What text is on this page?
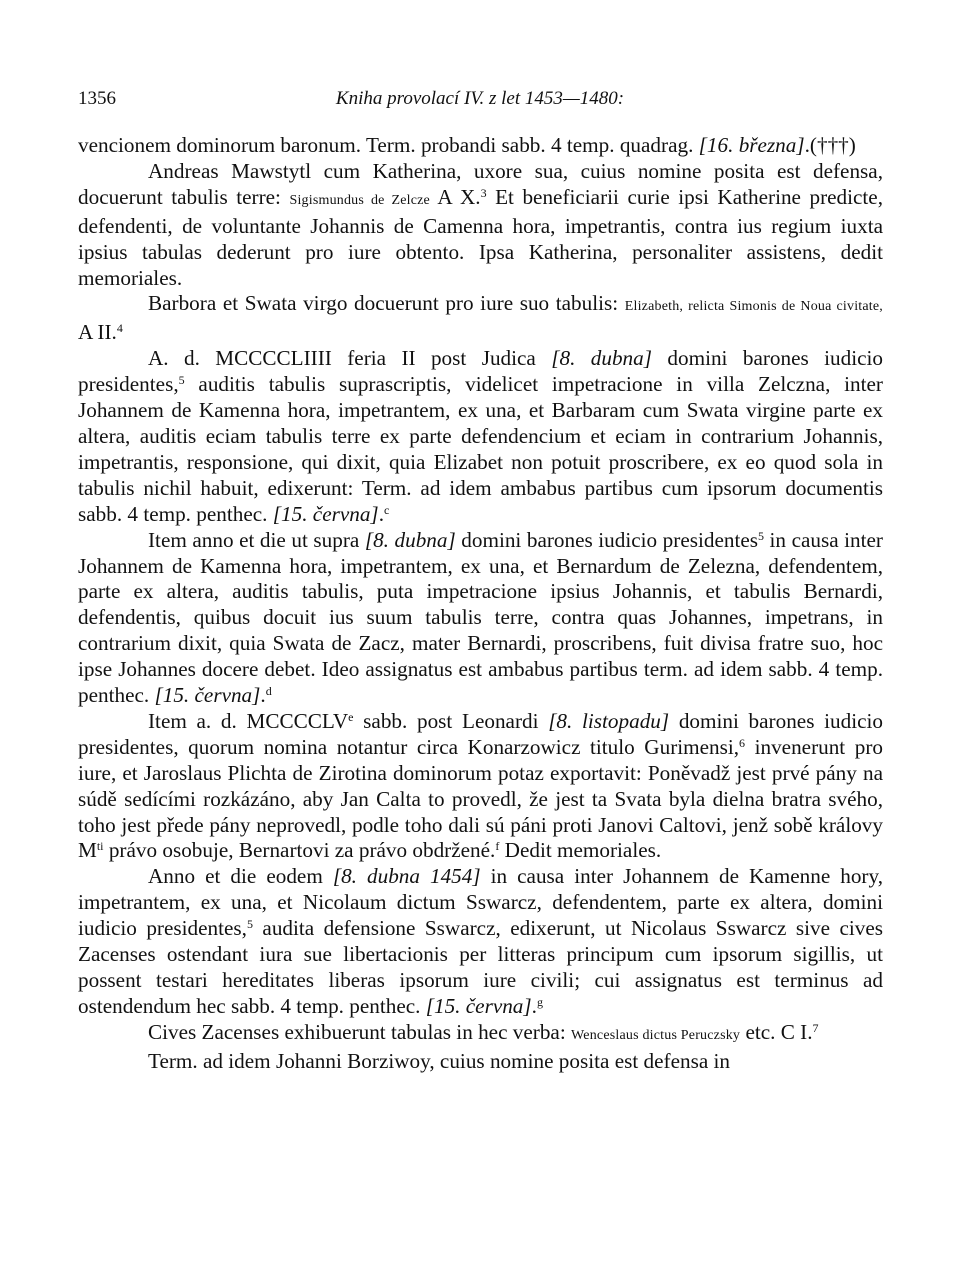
1356	Kniha provolací IV. z let 1453—1480:

vencionem dominorum baronum. Term. probandi sabb. 4 temp. quadrag. [16. března].(†††)

Andreas Mawstytl cum Katherina, uxore sua, cuius nomine posita est defensa, docuerunt tabulis terre: Sigismundus de Zelcze A X.$^3$ Et beneficiarii curie ipsi Katherine predicte, defendenti, de voluntante Johannis de Camenna hora, impetrantis, contra ius regium iuxta ipsius tabulas dederunt pro iure obtento. Ipsa Katherina, personaliter assistens, dedit memoriales.

Barbora et Swata virgo docuerunt pro iure suo tabulis: Elizabeth, relicta Simonis de Noua civitate, A II.$^4$

A. d. MCCCCLIIII feria II post Judica [8. dubna] domini barones iudicio presidentes,$^5$ auditis tabulis suprascriptis, videlicet impetracione in villa Zelczna, inter Johannem de Kamenna hora, impetrantem, ex una, et Barbaram cum Swata virgine parte ex altera, auditis eciam tabulis terre ex parte defendencium et eciam in contrarium Johannis, impetrantis, responsione, qui dixit, quia Elizabet non potuit proscribere, ex eo quod sola in tabulis nichil habuit, edixerunt: Term. ad idem ambabus partibus cum ipsorum documentis sabb. 4 temp. penthec. [15. června].$^c$

Item anno et die ut supra [8. dubna] domini barones iudicio presidentes$^5$ in causa inter Johannem de Kamenna hora, impetrantem, ex una, et Bernardum de Zelezna, defendentem, parte ex altera, auditis tabulis, puta impetracione ipsius Johannis, et tabulis Bernardi, defendentis, quibus docuit ius suum tabulis terre, contra quas Johannes, impetrans, in contrarium dixit, quia Swata de Zacz, mater Bernardi, proscribens, fuit divisa fratre suo, hoc ipse Johannes docere debet. Ideo assignatus est ambabus partibus term. ad idem sabb. 4 temp. penthec. [15. června].$^d$

Item a. d. MCCCCLVe sabb. post Leonardi [8. listopadu] domini barones iudicio presidentes, quorum nomina notantur circa Konarzowicz titulo Gurimensi,$^6$ invenerunt pro iure, et Jaroslaus Plichta de Zirotina dominorum potaz exportavit: Poněvadž jest prvé pány na súdě sedícími rozkázáno, aby Jan Calta to provedl, že jest ta Svata byla dielna bratra svého, toho jest přede pány neprovedl, podle toho dali sú páni proti Janovi Caltovi, jenž sobě královy $M^{ti}$ právo osobuje, Bernartovi za právo obdržené.$^f$ Dedit memoriales.

Anno et die eodem [8. dubna 1454] in causa inter Johannem de Kamenne hory, impetrantem, ex una, et Nicolaum dictum Sswarcz, defendentem, parte ex altera, domini iudicio presidentes,$^5$ audita defensione Sswarcz, edixerunt, ut Nicolaus Sswarcz sive cives Zacenses ostendant iura sue libertacionis per litteras principum cum ipsorum sigillis, ut possent testari hereditates liberas ipsorum iure civili; cui assignatus est terminus ad ostendendum hec sabb. 4 temp. penthec. [15. června].$^g$

Cives Zacenses exhibuerunt tabulas in hec verba: Wenceslaus dictus Peruczsky etc. C I.$^7$

Term. ad idem Johanni Borziwoy, cuius nomine posita est defensa in
